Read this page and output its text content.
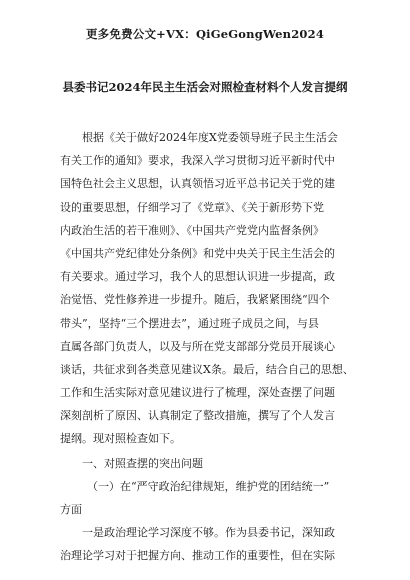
更多免费公文+VX：QiGeGongWen2024
县委书记2024年民主生活会对照检查材料个人发言提纲
根据《关于做好2024年度X党委领导班子民主生活会
有关工作的通知》要求，我深入学习贯彻习近平新时代中
国特色社会主义思想，认真领悟习近平总书记关于党的建
设的重要思想，仔细学习了《党章》、《关于新形势下党
内政治生活的若干准则》、《中国共产党党内监督条例》
《中国共产党纪律处分条例》和党中央关于民主生活会的
有关要求。通过学习，我个人的思想认识进一步提高，政
治觉悟、党性修养进一步提升。随后，我紧紧围绕“四个
带头”，坚持“三个摆进去”，通过班子成员之间，与县
直属各部门负责人，以及与所在党支部部分党员开展谈心
谈话，共征求到各类意见建议X条。最后，结合自己的思想、
工作和生活实际对意见建议进行了梳理，深处查摆了问题
深刻剖析了原因、认真制定了整改措施，撰写了个人发言
提纲。现对照检查如下。
一、对照查摆的突出问题
（一）在“严守政治纪律规矩，维护党的团结统一”
方面
一是政治理论学习深度不够。作为县委书记，深知政
治理论学习对于把握方向、推动工作的重要性，但在实际
